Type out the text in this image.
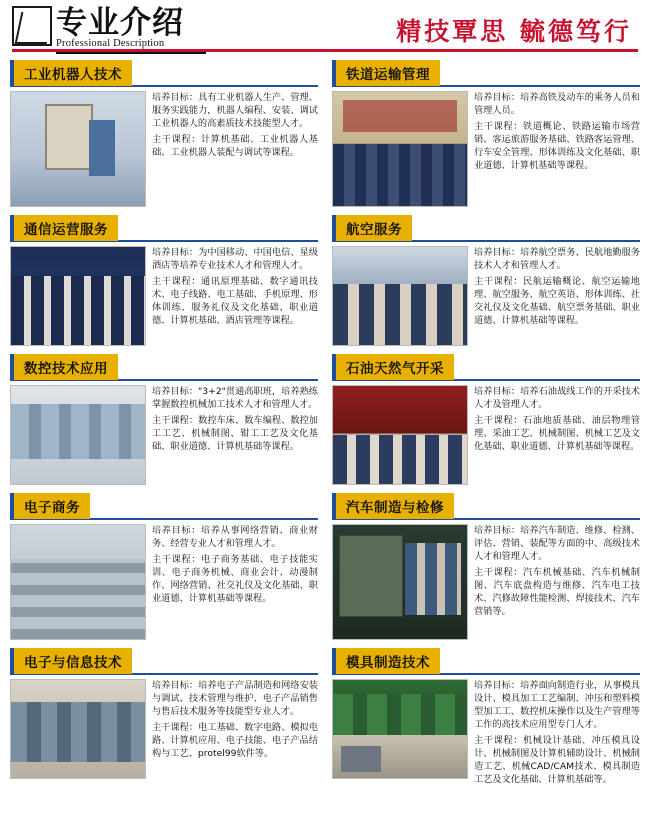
专业 介绍
Professional Description	精技覃思 毓德笃行
工业机器人技术

培养目标：具有工业机器人生产、管理、服务实践能力，机器人编程、安装、调试工业机器人的高素质技术技能型人才。

主干课程：计算机基础、工业机器人基础、工业机器人装配与调试等课程。

铁道运输管理

培养目标：培养高铁及动车的乘务人员和管理人员。

主干课程：铁道概论、铁路运输市场营销、客运旅游服务基础、铁路客运管理、行车安全管理、形体训练及文化基础、职业道德、计算机基础等课程。

通信运营服务

培养目标：为中国移动、中国电信、星级酒店等培养专业技术人才和管理人才。

主干课程：通讯原理基础、数字通讯技术、电子线路、电工基础、手机原理、形体训练、服务礼仪及文化基础、职业道德、计算机基础、酒店管理等课程。

航空服务

培养目标：培养航空票务、民航地勤服务技术人才和管理人才。

主干课程：民航运输概论、航空运输地理、航空服务、航空英语、形体训练、社交礼仪及文化基础、航空票务基础、职业道德、计算机基础等课程。

数控技术应用

培养目标："3+2"贯通高职班，培养熟练掌握数控机械加工技术人才和管理人才。

主干课程：数控车床、数车编程、数控加工工艺、机械制图、钳工工艺及文化基础、职业道德、计算机基础等课程。

石油天然气开采

培养目标：培养石油战线工作的开采技术人才及管理人才。

主干课程：石油地质基础、油层物理管理、采油工艺、机械制图、机械工艺及文化基础、职业道德、计算机基础等课程。

电子商务

培养目标：培养从事网络营销、商业财务、经营专业人才和管理人才。

主干课程：电子商务基础、电子技能实训、电子商务机械、商业会计、动漫制作、网络营销、社交礼仪及文化基础、职业道德、计算机基础等课程。

汽车制造与检修

培养目标：培养汽车制造、维修、检测、评估、营销、装配等方面的中、高级技术人才和管理人才。

主干课程：汽车机械基础、汽车机械制图、汽车底盘构造与维修、汽车电工技术、汽修故障性能检测、焊接技术、汽车营销等。

电子与信息技术

培养目标：培养电子产品制造和网络安装与调试、技术管理与维护、电子产品销售与售后技术服务等技能型专业人才。

主干课程：电工基础、数字电路、模拟电路、计算机应用、电子技能、电子产品结构与工艺、protel99软件等。

模具制造技术

培养目标：培养面向制造行业，从事模具设计、模具加工工艺编制、冲压和塑料模型加工工、数控机床操作以及生产管理等工作的高技术应用型专门人才。

主干课程：机械设计基础、冲压模具设计、机械制图及计算机辅助设计、机械制造工艺、机械CAD/CAM技术、模具制造工艺及文化基础、计算机基础等。
